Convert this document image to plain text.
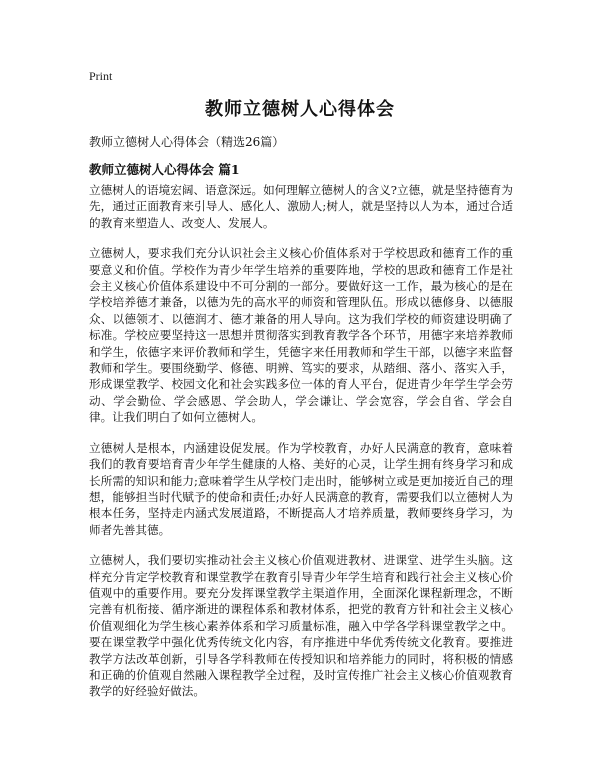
Print
教师立德树人心得体会

教师立德树人心得体会（精选26篇）

教师立德树人心得体会 篇1

立德树人的语境宏阔、语意深远。如何理解立德树人的含义?立德，就是坚持德育为先，通过正面教育来引导人、感化人、激励人;树人，就是坚持以人为本，通过合适的教育来塑造人、改变人、发展人。

立德树人，要求我们充分认识社会主义核心价值体系对于学校思政和德育工作的重要意义和价值。学校作为青少年学生培养的重要阵地，学校的思政和德育工作是社会主义核心价值体系建设中不可分割的一部分。要做好这一工作，最为核心的是在学校培养德才兼备，以德为先的高水平的师资和管理队伍。形成以德修身、以德服众、以德领才、以德润才、德才兼备的用人导向。这为我们学校的师资建设明确了标准。学校应要坚持这一思想并贯彻落实到教育教学各个环节，用德字来培养教师和学生，依德字来评价教师和学生，凭德字来任用教师和学生干部，以德字来监督教师和学生。要围绕勤学、修德、明辨、笃实的要求，从踏细、落小、落实入手，形成课堂教学、校园文化和社会实践多位一体的育人平台，促进青少年学生学会劳动、学会勤俭、学会感恩、学会助人，学会谦让、学会宽容，学会自省、学会自律。让我们明白了如何立德树人。

立德树人是根本，内涵建设促发展。作为学校教育，办好人民满意的教育，意味着我们的教育要培育青少年学生健康的人格、美好的心灵，让学生拥有终身学习和成长所需的知识和能力;意味着学生从学校门走出时，能够树立或是更加接近自己的理想，能够担当时代赋予的使命和责任;办好人民满意的教育，需要我们以立德树人为根本任务，坚持走内涵式发展道路，不断提高人才培养质量，教师要终身学习，为师者先善其德。

立德树人，我们要切实推动社会主义核心价值观进教材、进课堂、进学生头脑。这样充分肯定学校教育和课堂教学在教育引导青少年学生培育和践行社会主义核心价值观中的重要作用。要充分发挥课堂教学主渠道作用，全面深化课程新理念，不断完善有机衔接、循序渐进的课程体系和教材体系，把党的教育方针和社会主义核心价值观细化为学生核心素养体系和学习质量标准，融入中学各学科课堂教学之中。要在课堂教学中强化优秀传统文化内容，有序推进中华优秀传统文化教育。要推进教学方法改革创新，引导各学科教师在传授知识和培养能力的同时，将积极的情感和正确的价值观自然融入课程教学全过程，及时宣传推广社会主义核心价值观教育教学的好经验好做法。
